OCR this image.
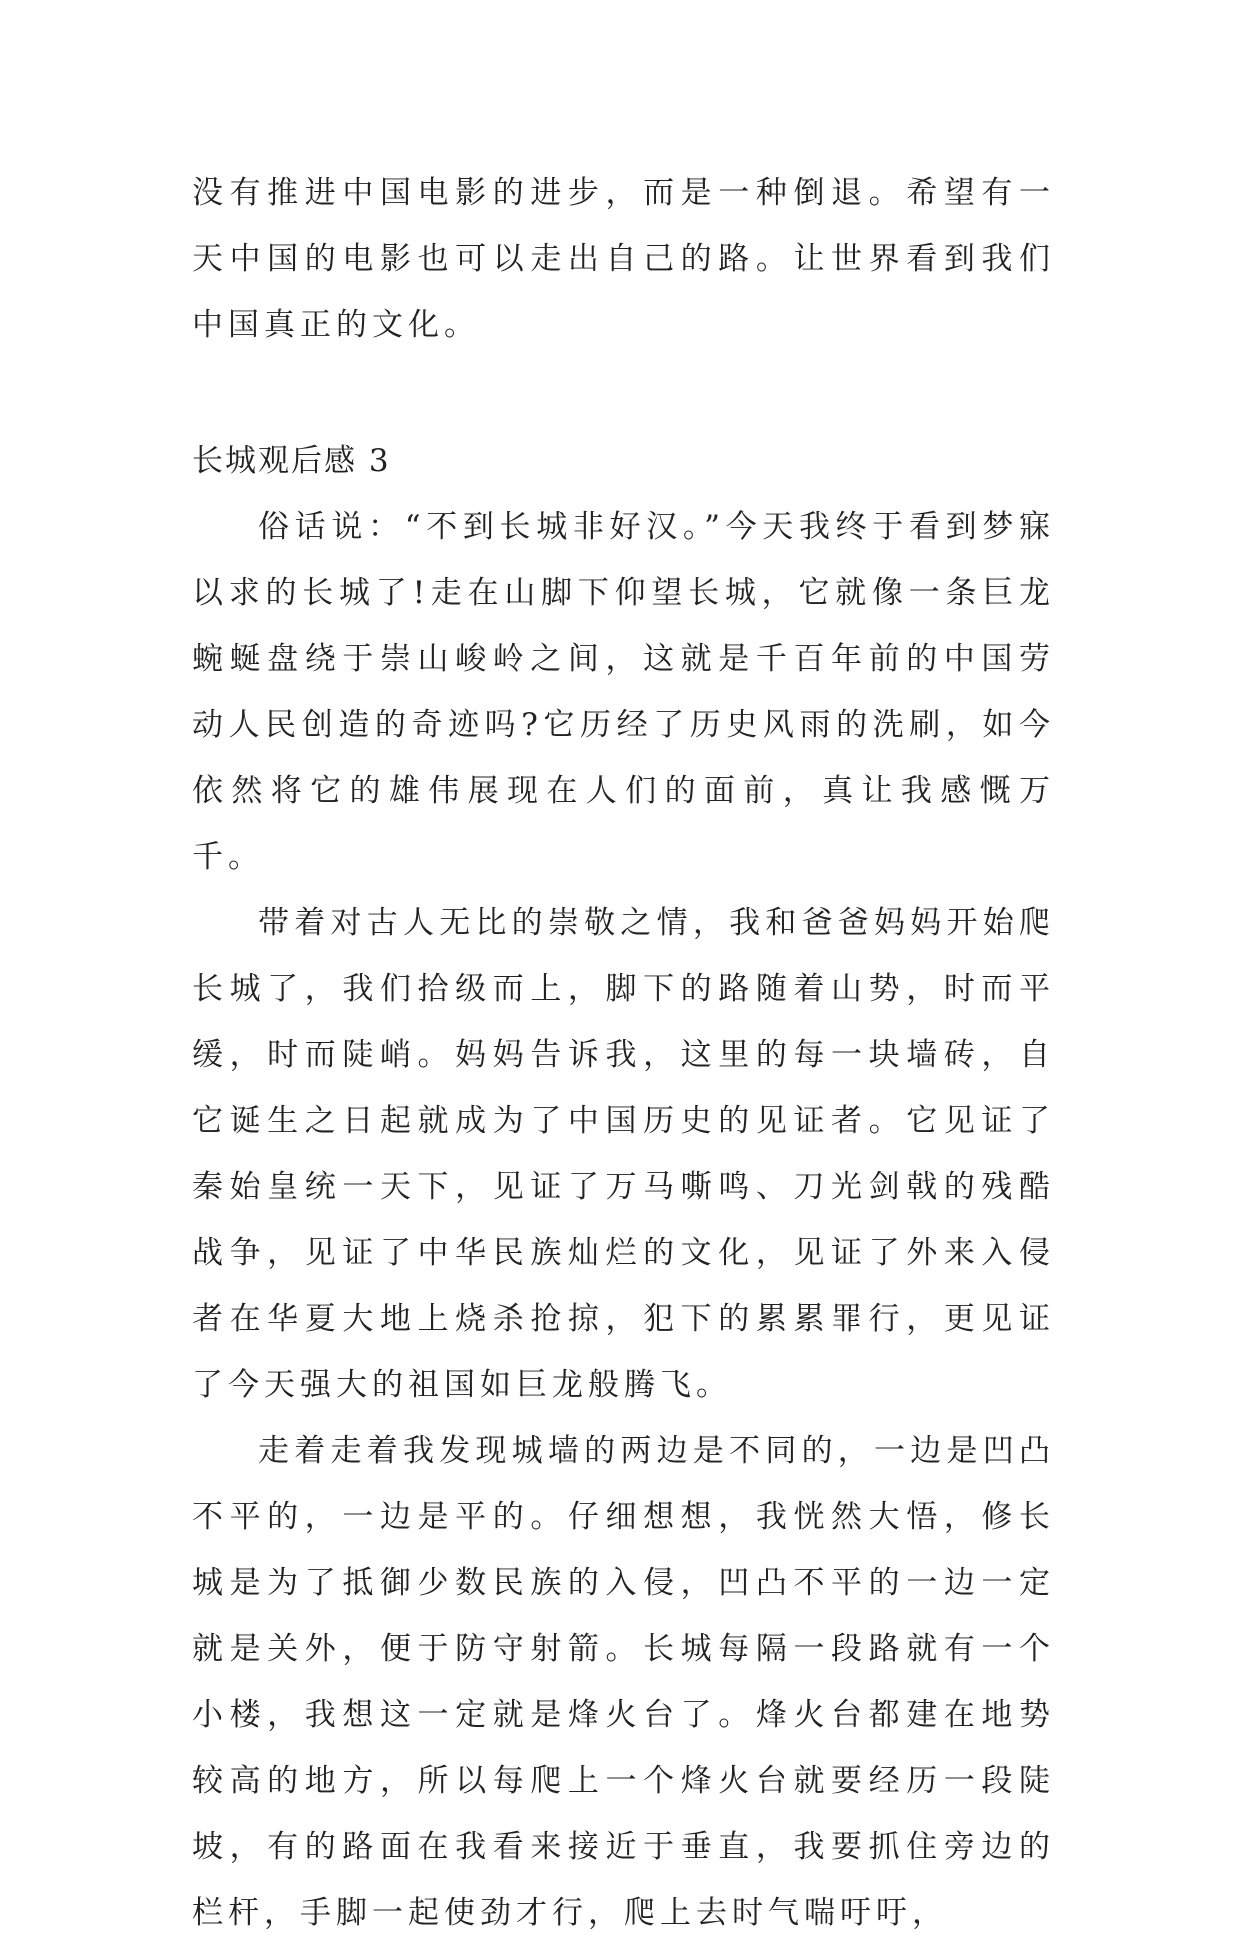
没有推进中国电影的进步，而是一种倒退。希望有一天中国的电影也可以走出自己的路。让世界看到我们中国真正的文化。

长城观后感 3

俗话说：“不到长城非好汉。”今天我终于看到梦寐以求的长城了!走在山脚下仰望长城，它就像一条巨龙蜿蜒盘绕于崇山峻岭之间，这就是千百年前的中国劳动人民创造的奇迹吗?它历经了历史风雨的洗刷，如今依然将它的雄伟展现在人们的面前，真让我感慨万千。

带着对古人无比的崇敬之情，我和爸爸妈妈开始爬长城了，我们拾级而上，脚下的路随着山势，时而平缓，时而陡峭。妈妈告诉我，这里的每一块墙砖，自它诞生之日起就成为了中国历史的见证者。它见证了秦始皇统一天下，见证了万马嘶鸣、刀光剑戟的残酷战争，见证了中华民族灿烂的文化，见证了外来入侵者在华夏大地上烧杀抢掠，犯下的累累罪行，更见证了今天强大的祖国如巨龙般腾飞。

走着走着我发现城墙的两边是不同的，一边是凹凸不平的，一边是平的。仔细想想，我恍然大悟，修长城是为了抵御少数民族的入侵，凹凸不平的一边一定就是关外，便于防守射箭。长城每隔一段路就有一个小楼，我想这一定就是烽火台了。烽火台都建在地势较高的地方，所以每爬上一个烽火台就要经历一段陡坡，有的路面在我看来接近于垂直，我要抓住旁边的栏杆，手脚一起使劲才行，爬上去时气喘吁吁，
